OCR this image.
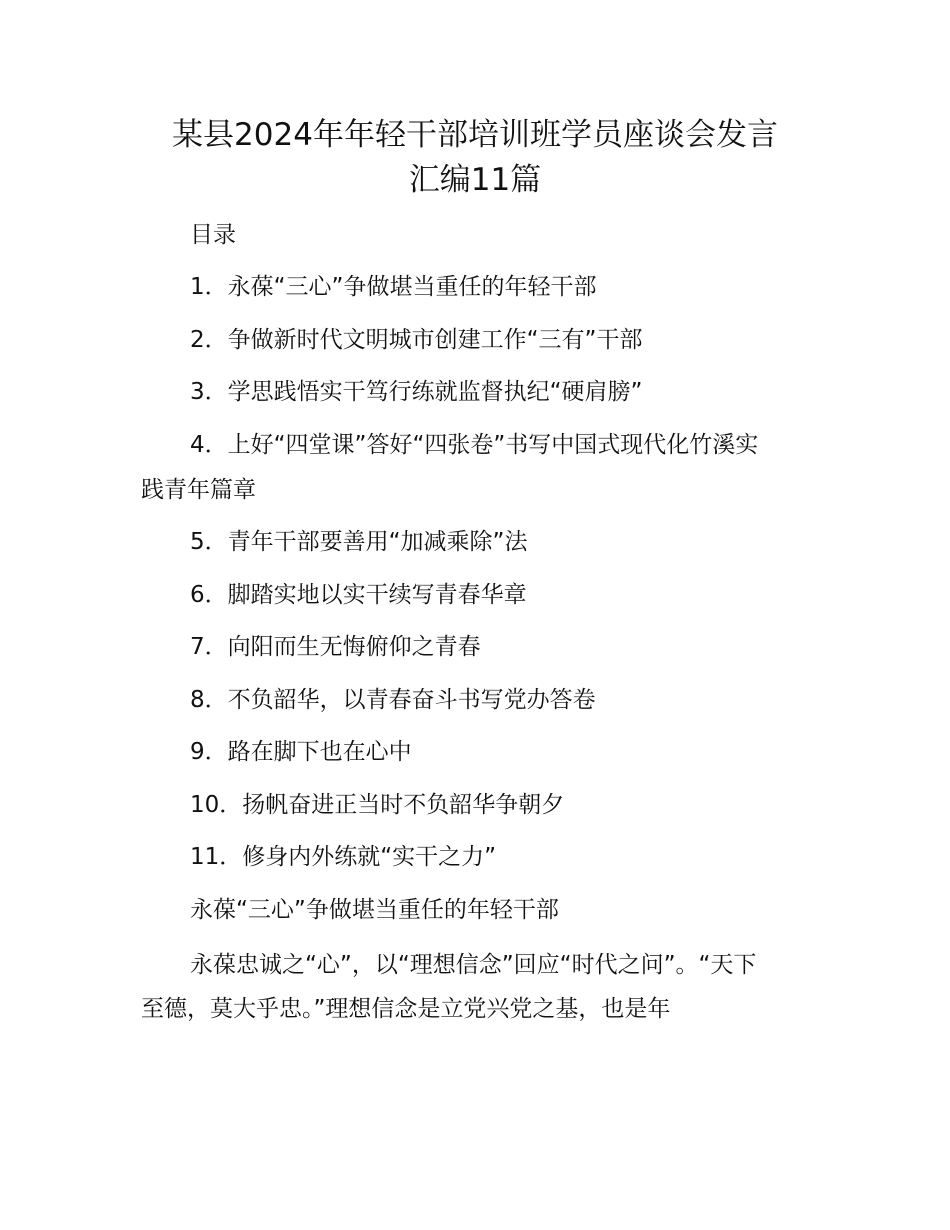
某县2024年年轻干部培训班学员座谈会发言
汇编11篇
目录
1．永葆“三心”争做堪当重任的年轻干部
2．争做新时代文明城市创建工作“三有”干部
3．学思践悟实干笃行练就监督执纪“硬肩膀”
4．上好“四堂课”答好“四张卷”书写中国式现代化竹溪实
践青年篇章
5．青年干部要善用“加减乘除”法
6．脚踏实地以实干续写青春华章
7．向阳而生无悔俯仰之青春
8．不负韶华，以青春奋斗书写党办答卷
9．路在脚下也在心中
10．扬帆奋进正当时不负韶华争朝夕
11．修身内外练就“实干之力”
永葆“三心”争做堪当重任的年轻干部
永葆忠诚之“心”，以“理想信念”回应“时代之问”。“天下
至德，莫大乎忠。”理想信念是立党兴党之基，也是年
